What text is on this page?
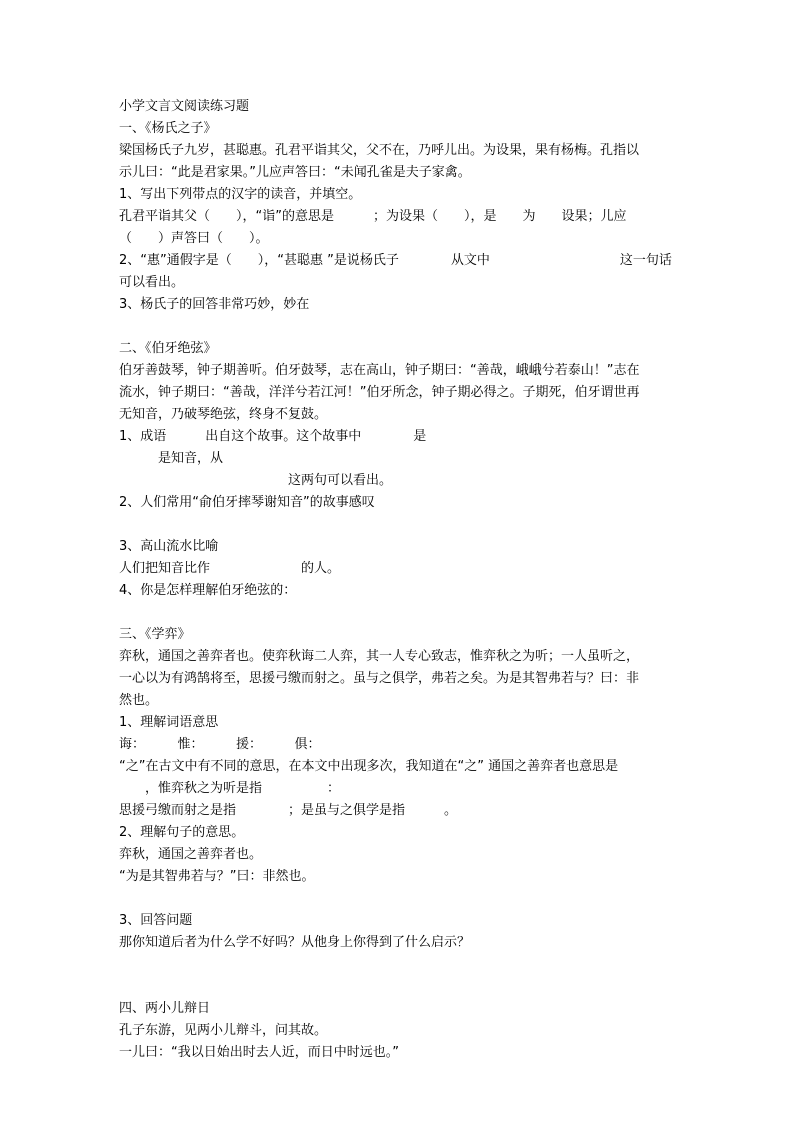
小学文言文阅读练习题
一、《杨氏之子》
梁国杨氏子九岁，甚聪惠。孔君平诣其父，父不在，乃呼儿出。为设果，果有杨梅。孔指以
示儿曰：“此是君家果。”儿应声答曰：“未闻孔雀是夫子家禽。
1、写出下列带点的汉字的读音，并填空。
孔君平诣其父（　　），“诣”的意思是　　　；为设果（　　），是　　为　　设果；儿应
（　　）声答曰（　　）。
2、“惠”通假字是（　　），“甚聪惠 ”是说杨氏子　　　　从文中　　　　　　　　　　这一句话
可以看出。
3、杨氏子的回答非常巧妙，妙在
二、《伯牙绝弦》
伯牙善鼓琴，钟子期善听。伯牙鼓琴，志在高山，钟子期曰：“善哉，峨峨兮若泰山！”志在
流水，钟子期曰：“善哉，洋洋兮若江河！”伯牙所念，钟子期必得之。子期死，伯牙谓世再
无知音，乃破琴绝弦，终身不复鼓。
1、成语　　　出自这个故事。这个故事中　　　　是
　　　是知音，从
　　　　　　　　　　　　　这两句可以看出。
2、人们常用“俞伯牙摔琴谢知音”的故事感叹
3、高山流水比喻
人们把知音比作　　　　　　　的人。
4、你是怎样理解伯牙绝弦的：
三、《学弈》
弈秋，通国之善弈者也。使弈秋诲二人弈，其一人专心致志，惟弈秋之为听；一人虽听之，
一心以为有鸿鹄将至，思援弓缴而射之。虽与之俱学，弗若之矣。为是其智弗若与？曰：非
然也。
1、理解词语意思
诲：　　　惟：　　　援：　　　俱：
“之”在古文中有不同的意思，在本文中出现多次，我知道在“之” 通国之善弈者也意思是
　　，惟弈秋之为听是指　　　　　：
思援弓缴而射之是指　　　　；是虽与之俱学是指　　　。
2、理解句子的意思。
弈秋，通国之善弈者也。
“为是其智弗若与？”曰：非然也。
3、回答问题
那你知道后者为什么学不好吗？从他身上你得到了什么启示？
四、两小儿辩日
孔子东游，见两小儿辩斗，问其故。
一儿曰：“我以日始出时去人近，而日中时远也。”
